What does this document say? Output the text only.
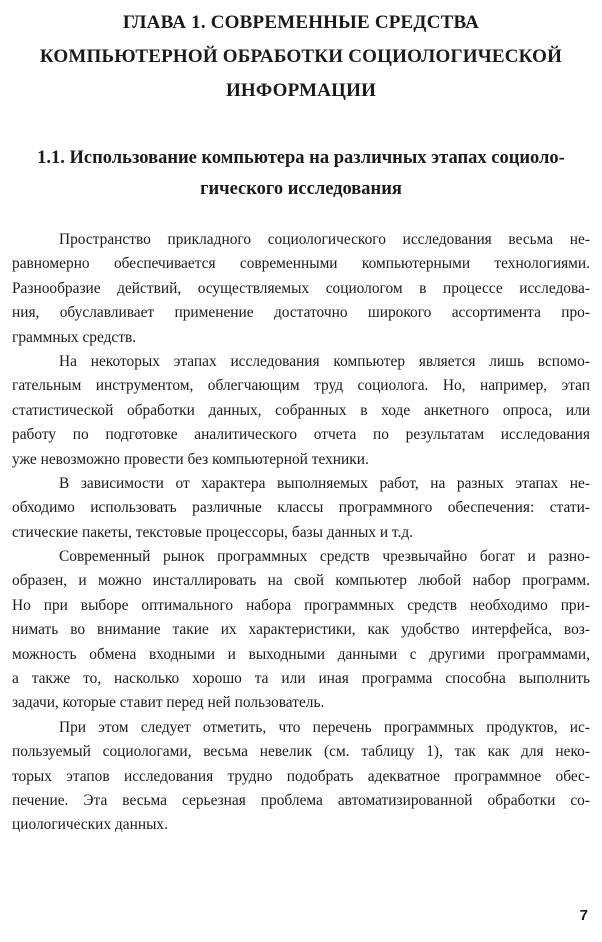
ГЛАВА 1. СОВРЕМЕННЫЕ СРЕДСТВА
КОМПЬЮТЕРНОЙ ОБРАБОТКИ СОЦИОЛОГИЧЕСКОЙ
ИНФОРМАЦИИ
1.1. Использование компьютера на различных этапах социоло-
гического исследования
Пространство прикладного социологического исследования весьма не-
равномерно обеспечивается современными компьютерными технологиями.
Разнообразие действий, осуществляемых социологом в процессе исследова-
ния, обуславливает применение достаточно широкого ассортимента про-
граммных средств.
На некоторых этапах исследования компьютер является лишь вспомо-
гательным инструментом, облегчающим труд социолога. Но, например, этап
статистической обработки данных, собранных в ходе анкетного опроса, или
работу по подготовке аналитического отчета по результатам исследования
уже невозможно провести без компьютерной техники.
В зависимости от характера выполняемых работ, на разных этапах не-
обходимо использовать различные классы программного обеспечения: стати-
стические пакеты, текстовые процессоры, базы данных и т.д.
Современный рынок программных средств чрезвычайно богат и разно-
образен, и можно инсталлировать на свой компьютер любой набор программ.
Но при выборе оптимального набора программных средств необходимо при-
нимать во внимание такие их характеристики, как удобство интерфейса, воз-
можность обмена входными и выходными данными с другими программами,
а также то, насколько хорошо та или иная программа способна выполнить
задачи, которые ставит перед ней пользователь.
При этом следует отметить, что перечень программных продуктов, ис-
пользуемый социологами, весьма невелик (см. таблицу 1), так как для неко-
торых этапов исследования трудно подобрать адекватное программное обес-
печение. Эта весьма серьезная проблема автоматизированной обработки со-
циологических данных.
7
